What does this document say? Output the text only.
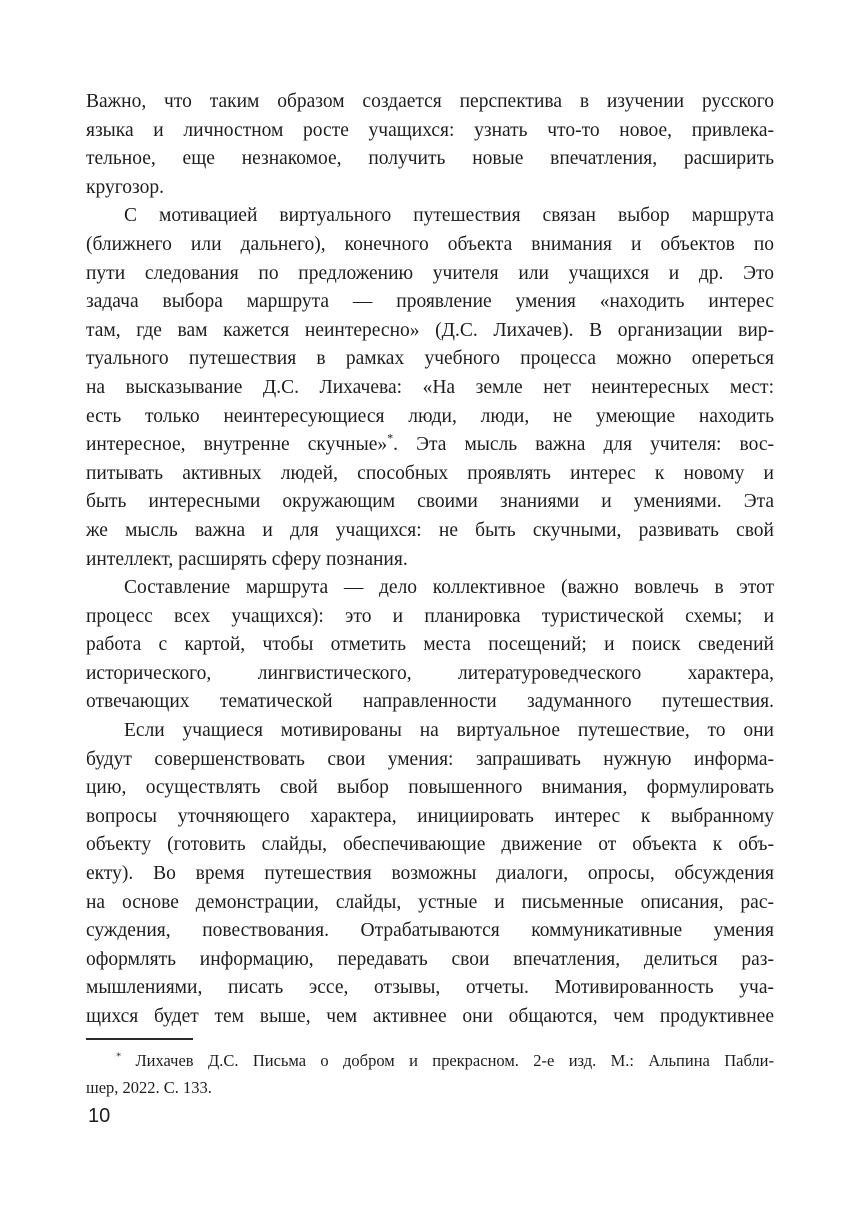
Важно, что таким образом создается перспектива в изучении русского
языка и личностном росте учащихся: узнать что-то новое, привлека-
тельное, еще незнакомое, получить новые впечатления, расширить
кругозор.
С мотивацией виртуального путешествия связан выбор маршрута
(ближнего или дальнего), конечного объекта внимания и объектов по
пути следования по предложению учителя или учащихся и др. Это
задача выбора маршрута — проявление умения «находить интерес
там, где вам кажется неинтересно» (Д.С. Лихачев). В организации вир-
туального путешествия в рамках учебного процесса можно опереться
на высказывание Д.С. Лихачева: «На земле нет неинтересных мест:
есть только неинтересующиеся люди, люди, не умеющие находить
интересное, внутренне скучные»*. Эта мысль важна для учителя: вос-
питывать активных людей, способных проявлять интерес к новому и
быть интересными окружающим своими знаниями и умениями. Эта
же мысль важна и для учащихся: не быть скучными, развивать свой
интеллект, расширять сферу познания.
Составление маршрута — дело коллективное (важно вовлечь в этот
процесс всех учащихся): это и планировка туристической схемы; и
работа с картой, чтобы отметить места посещений; и поиск сведений
исторического, лингвистического, литературоведческого характера,
отвечающих тематической направленности задуманного путешествия.
Если учащиеся мотивированы на виртуальное путешествие, то они
будут совершенствовать свои умения: запрашивать нужную информа-
цию, осуществлять свой выбор повышенного внимания, формулировать
вопросы уточняющего характера, инициировать интерес к выбранному
объекту (готовить слайды, обеспечивающие движение от объекта к объ-
екту). Во время путешествия возможны диалоги, опросы, обсуждения
на основе демонстрации, слайды, устные и письменные описания, рас-
суждения, повествования. Отрабатываются коммуникативные умения
оформлять информацию, передавать свои впечатления, делиться раз-
мышлениями, писать эссе, отзывы, отчеты. Мотивированность уча-
щихся будет тем выше, чем активнее они общаются, чем продуктивнее
* Лихачев Д.С. Письма о добром и прекрасном. 2-е изд. М.: Альпина Пабли-
шер, 2022. С. 133.
10
